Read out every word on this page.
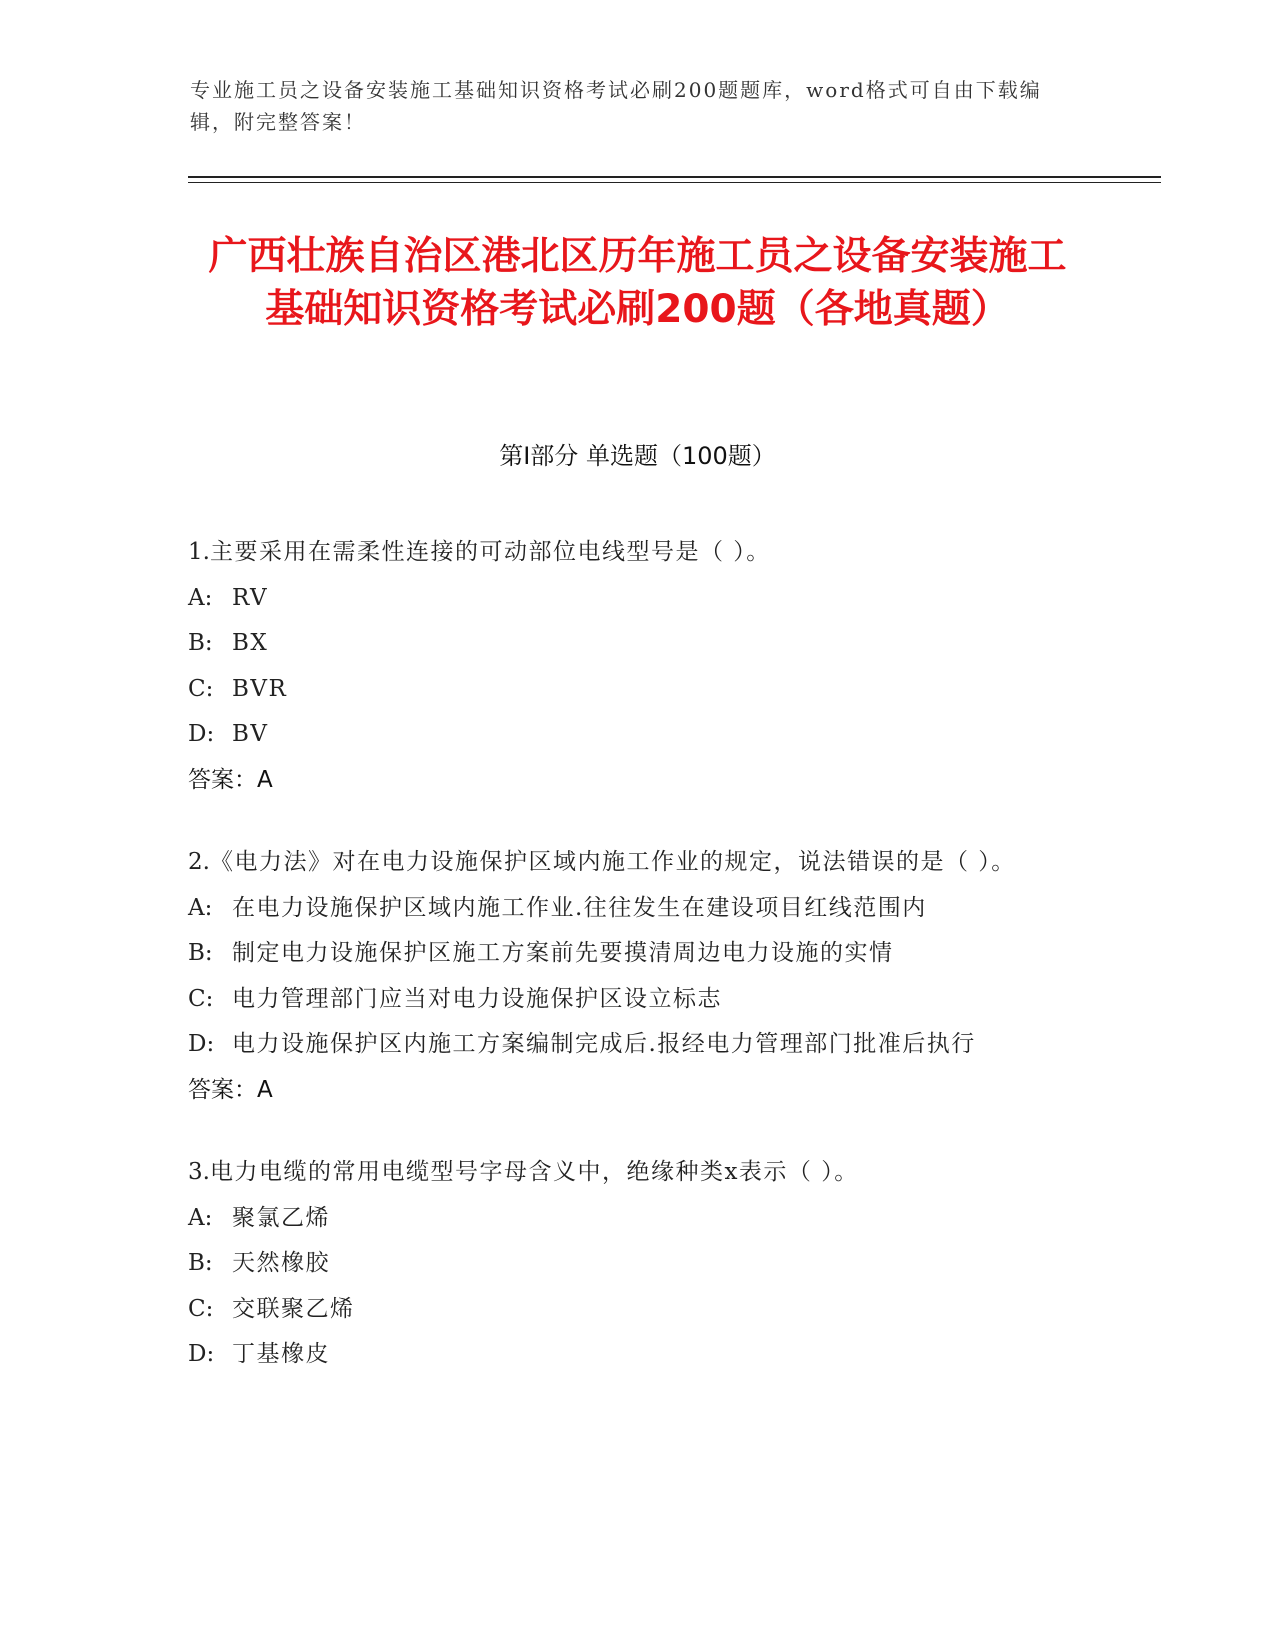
专业施工员之设备安装施工基础知识资格考试必刷200题题库，word格式可自由下载编辑，附完整答案！
广西壮族自治区港北区历年施工员之设备安装施工基础知识资格考试必刷200题（各地真题）
第I部分 单选题（100题）
1.主要采用在需柔性连接的可动部位电线型号是（ ）。
A: RV
B: BX
C: BVR
D: BV
答案：A
2.《电力法》对在电力设施保护区域内施工作业的规定，说法错误的是（ ）。
A: 在电力设施保护区域内施工作业.往往发生在建设项目红线范围内
B: 制定电力设施保护区施工方案前先要摸清周边电力设施的实情
C: 电力管理部门应当对电力设施保护区设立标志
D: 电力设施保护区内施工方案编制完成后.报经电力管理部门批准后执行
答案：A
3.电力电缆的常用电缆型号字母含义中，绝缘种类x表示（ ）。
A: 聚氯乙烯
B: 天然橡胶
C: 交联聚乙烯
D: 丁基橡皮
